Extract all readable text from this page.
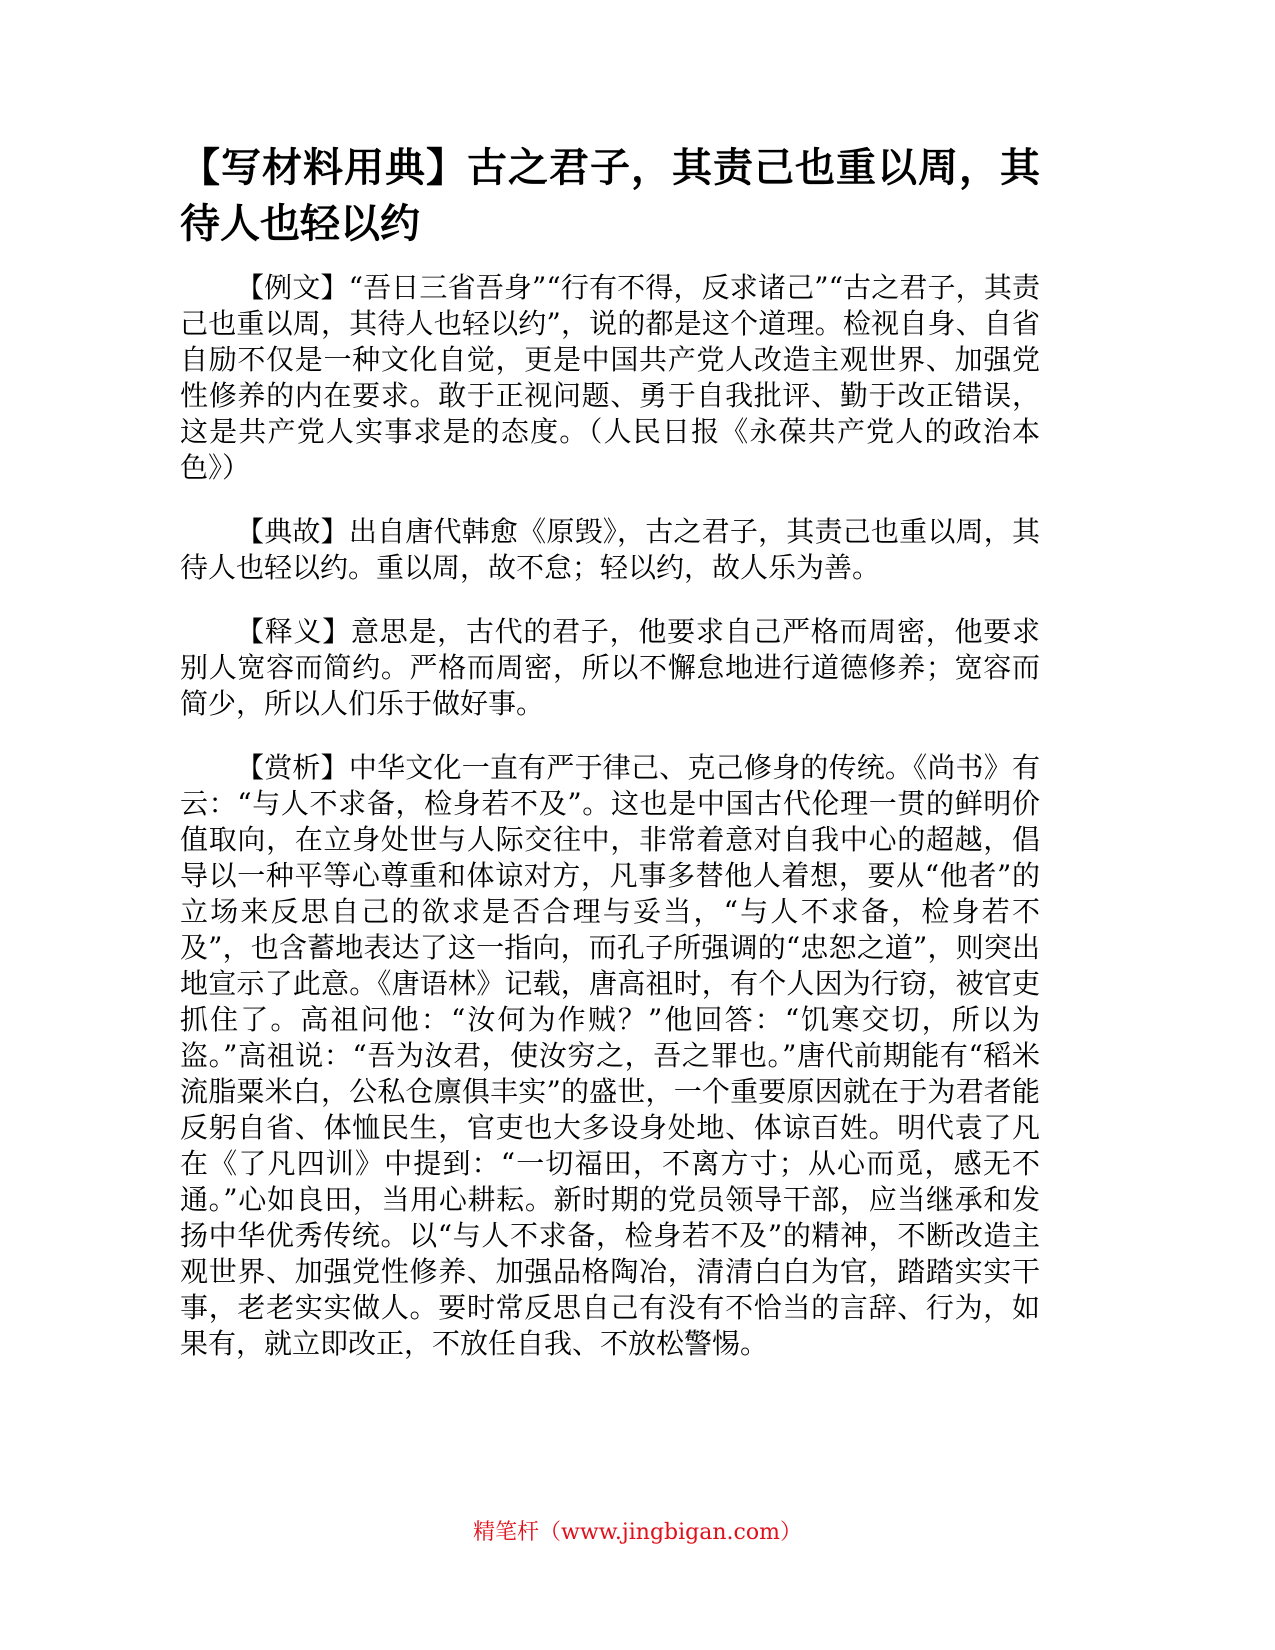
【写材料用典】古之君子，其责己也重以周，其待人也轻以约

【例文】“吾日三省吾身”“行有不得，反求诸己”“古之君子，其责己也重以周，其待人也轻以约”，说的都是这个道理。检视自身、自省自励不仅是一种文化自觉，更是中国共产党人改造主观世界、加强党性修养的内在要求。敢于正视问题、勇于自我批评、勤于改正错误，这是共产党人实事求是的态度。（人民日报《永葆共产党人的政治本色》）

【典故】出自唐代韩愈《原毁》，古之君子，其责己也重以周，其待人也轻以约。重以周，故不怠；轻以约，故人乐为善。

【释义】意思是，古代的君子，他要求自己严格而周密，他要求别人宽容而简约。严格而周密，所以不懈怠地进行道德修养；宽容而简少，所以人们乐于做好事。

【赏析】中华文化一直有严于律己、克己修身的传统。《尚书》有云：“与人不求备，检身若不及”。这也是中国古代伦理一贯的鲜明价值取向，在立身处世与人际交往中，非常着意对自我中心的超越，倡导以一种平等心尊重和体谅对方，凡事多替他人着想，要从“他者”的立场来反思自己的欲求是否合理与妥当，“与人不求备，检身若不及”，也含蓄地表达了这一指向，而孔子所强调的“忠恕之道”，则突出地宣示了此意。《唐语林》记载，唐高祖时，有个人因为行窃，被官吏抓住了。高祖问他：“汝何为作贼？”他回答：“饥寒交切，所以为盗。”高祖说：“吾为汝君，使汝穷之，吾之罪也。”唐代前期能有“稻米流脂粟米白，公私仓廪俱丰实”的盛世，一个重要原因就在于为君者能反躬自省、体恤民生，官吏也大多设身处地、体谅百姓。明代袁了凡在《了凡四训》中提到：“一切福田，不离方寸；从心而觅，感无不通。”心如良田，当用心耕耘。新时期的党员领导干部，应当继承和发扬中华优秀传统。以“与人不求备，检身若不及”的精神，不断改造主观世界、加强党性修养、加强品格陶冶，清清白白为官，踏踏实实干事，老老实实做人。要时常反思自己有没有不恰当的言辞、行为，如果有，就立即改正，不放任自我、不放松警惕。

精笔杆（www.jingbigan.com）
